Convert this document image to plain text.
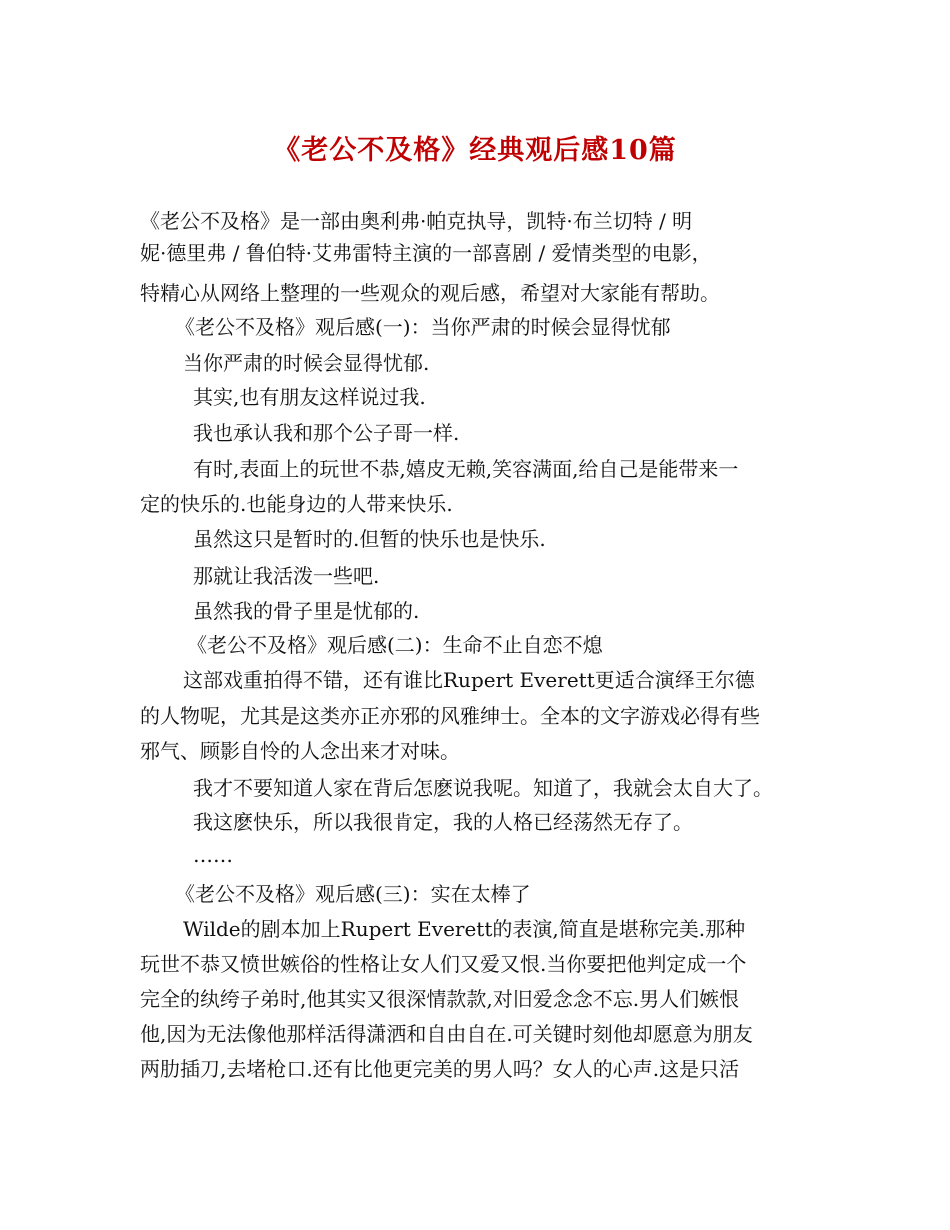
《老公不及格》经典观后感10篇
《老公不及格》是一部由奥利弗·帕克执导，凯特·布兰切特 / 明
妮·德里弗 / 鲁伯特·艾弗雷特主演的一部喜剧 / 爱情类型的电影，
特精心从网络上整理的一些观众的观后感，希望对大家能有帮助。
《老公不及格》观后感(一)：当你严肃的时候会显得忧郁
当你严肃的时候会显得忧郁.
其实,也有朋友这样说过我.
我也承认我和那个公子哥一样.
有时,表面上的玩世不恭,嬉皮无赖,笑容满面,给自己是能带来一
定的快乐的.也能身边的人带来快乐.
虽然这只是暂时的.但暂的快乐也是快乐.
那就让我活泼一些吧.
虽然我的骨子里是忧郁的.
《老公不及格》观后感(二)：生命不止自恋不熄
这部戏重拍得不错，还有谁比Rupert Everett更适合演绎王尔德
的人物呢，尤其是这类亦正亦邪的风雅绅士。全本的文字游戏必得有些
邪气、顾影自怜的人念出来才对味。
我才不要知道人家在背后怎麽说我呢。知道了，我就会太自大了。
我这麽快乐，所以我很肯定，我的人格已经荡然无存了。
……
《老公不及格》观后感(三)：实在太棒了
Wilde的剧本加上Rupert Everett的表演,简直是堪称完美.那种
玩世不恭又愤世嫉俗的性格让女人们又爱又恨.当你要把他判定成一个
完全的纨绔子弟时,他其实又很深情款款,对旧爱念念不忘.男人们嫉恨
他,因为无法像他那样活得潇洒和自由自在.可关键时刻他却愿意为朋友
两肋插刀,去堵枪口.还有比他更完美的男人吗？女人的心声.这是只活
